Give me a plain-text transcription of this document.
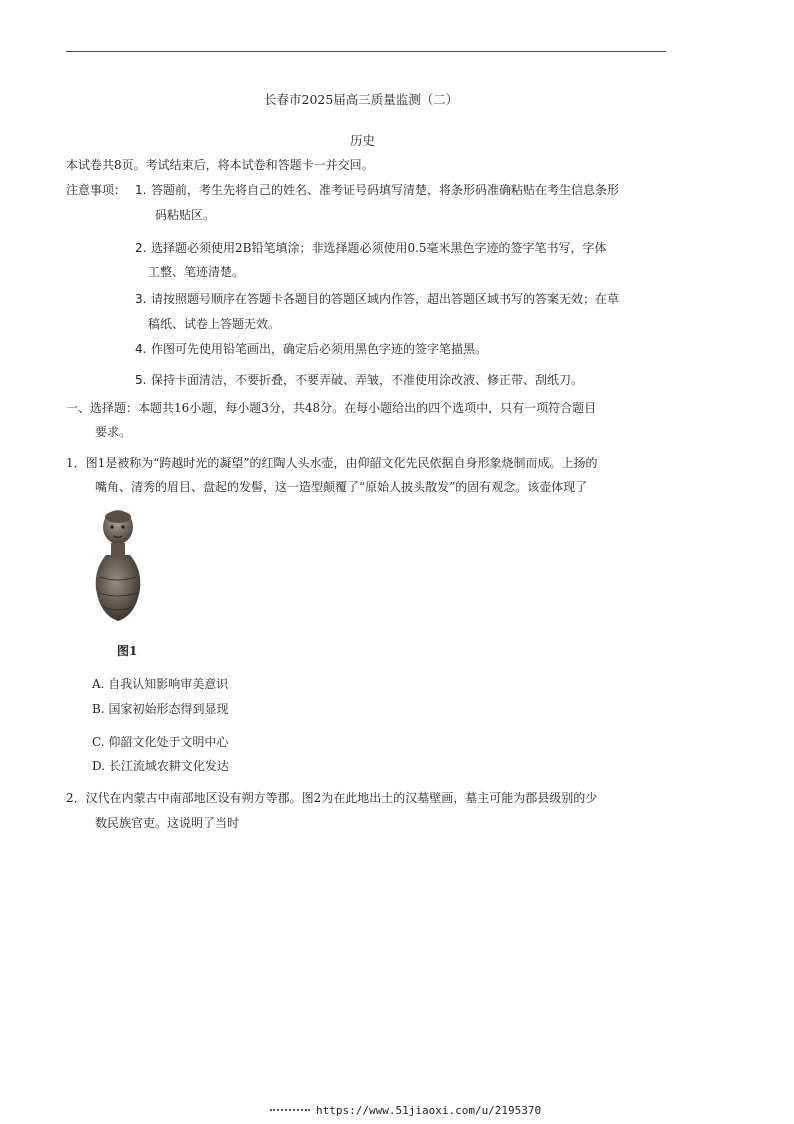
长春市2025届高三质量监测（二）
历史
本试卷共8页。考试结束后，将本试卷和答题卡一并交回。
注意事项： 1. 答题前，考生先将自己的姓名、准考证号码填写清楚，将条形码准确粘贴在考生信息条形
码粘贴区。
2. 选择题必须使用2B铅笔填涂；非选择题必须使用0.5毫米黑色字迹的签字笔书写，字体
工整、笔迹清楚。
3. 请按照题号顺序在答题卡各题目的答题区域内作答，超出答题区域书写的答案无效；在草
稿纸、试卷上答题无效。
4. 作图可先使用铅笔画出，确定后必须用黑色字迹的签字笔描黑。
5. 保持卡面清洁，不要折叠，不要弄破、弄皱，不准使用涂改液、修正带、刮纸刀。
一、选择题：本题共16小题，每小题3分，共48分。在每小题给出的四个选项中，只有一项符合题目
要求。
1．图1是被称为“跨越时光的凝望”的红陶人头水壶，由仰韶文化先民依据自身形象烧制而成。上扬的
嘴角、清秀的眉目、盘起的发髻，这一造型颠覆了“原始人披头散发”的固有观念。该壶体现了
图1
A. 自我认知影响审美意识
B. 国家初始形态得到显现
C. 仰韶文化处于文明中心
D. 长江流域农耕文化发达
2．汉代在内蒙古中南部地区设有朔方等郡。图2为在此地出土的汉墓壁画，墓主可能为郡县级别的少
数民族官吏。这说明了当时
https://www.51jiaoxi.com/u/2195370
